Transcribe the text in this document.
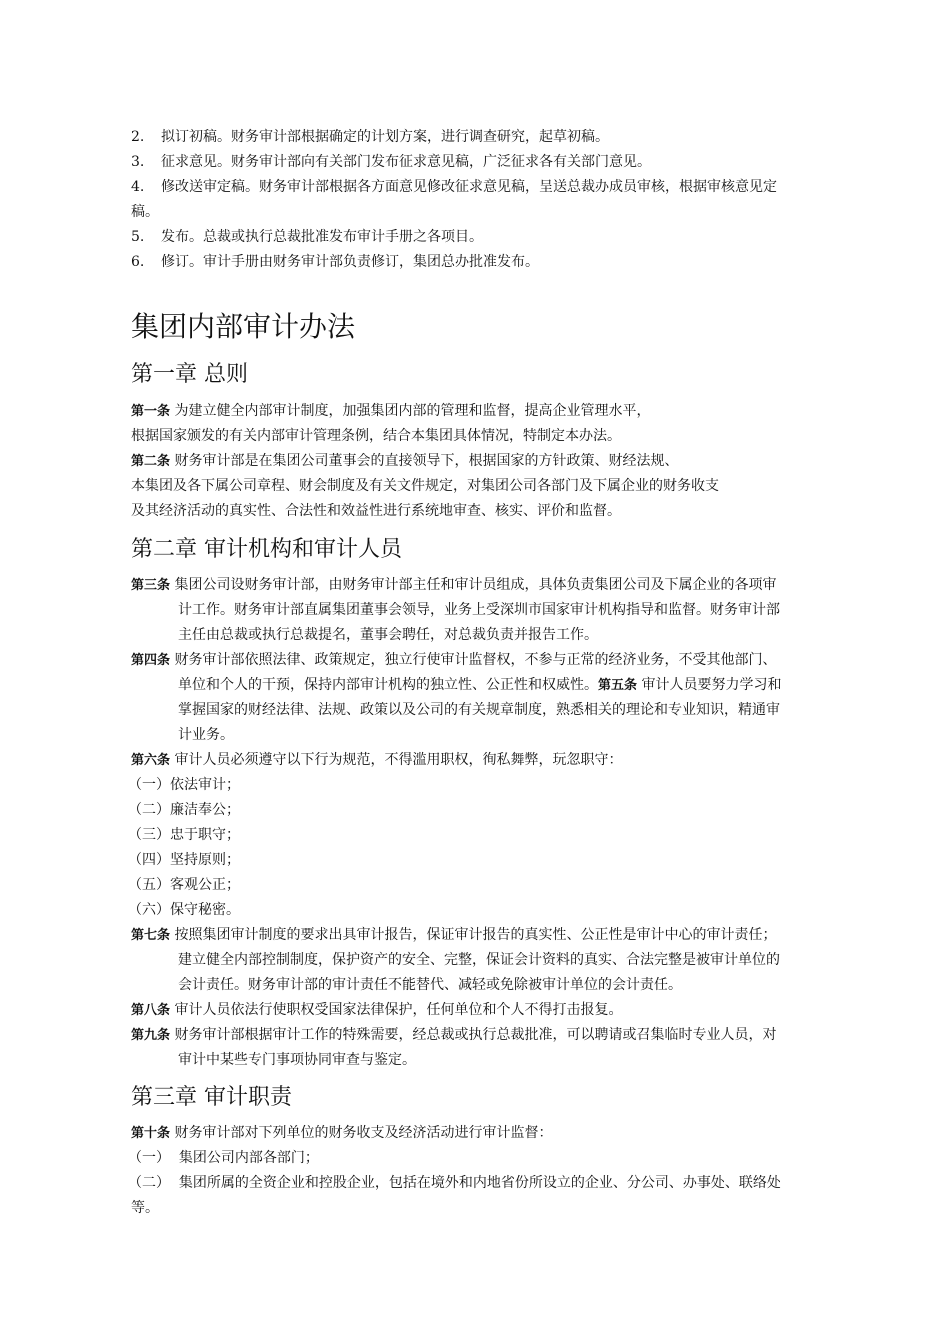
2. 拟订初稿。财务审计部根据确定的计划方案，进行调查研究，起草初稿。
3. 征求意见。财务审计部向有关部门发布征求意见稿，广泛征求各有关部门意见。
4. 修改送审定稿。财务审计部根据各方面意见修改征求意见稿，呈送总裁办成员审核，根据审核意见定
稿。
5. 发布。总裁或执行总裁批准发布审计手册之各项目。
6. 修订。审计手册由财务审计部负责修订，集团总办批准发布。
集团内部审计办法
第一章 总则
第一条 为建立健全内部审计制度，加强集团内部的管理和监督，提高企业管理水平，
根据国家颁发的有关内部审计管理条例，结合本集团具体情况，特制定本办法。
第二条 财务审计部是在集团公司董事会的直接领导下，根据国家的方针政策、财经法规、
本集团及各下属公司章程、财会制度及有关文件规定，对集团公司各部门及下属企业的财务收支
及其经济活动的真实性、合法性和效益性进行系统地审查、核实、评价和监督。
第二章 审计机构和审计人员
第三条 集团公司设财务审计部，由财务审计部主任和审计员组成，具体负责集团公司及下属企业的各项审
计工作。财务审计部直属集团董事会领导，业务上受深圳市国家审计机构指导和监督。财务审计部
主任由总裁或执行总裁提名，董事会聘任，对总裁负责并报告工作。
第四条 财务审计部依照法律、政策规定，独立行使审计监督权，不参与正常的经济业务，不受其他部门、
单位和个人的干预，保持内部审计机构的独立性、公正性和权威性。第五条 审计人员要努力学习和
掌握国家的财经法律、法规、政策以及公司的有关规章制度，熟悉相关的理论和专业知识，精通审
计业务。
第六条 审计人员必须遵守以下行为规范，不得滥用职权，徇私舞弊，玩忽职守：
（一）依法审计；
（二）廉洁奉公；
（三）忠于职守；
（四）坚持原则；
（五）客观公正；
（六）保守秘密。
第七条 按照集团审计制度的要求出具审计报告，保证审计报告的真实性、公正性是审计中心的审计责任；
建立健全内部控制制度，保护资产的安全、完整，保证会计资料的真实、合法完整是被审计单位的
会计责任。财务审计部的审计责任不能替代、减轻或免除被审计单位的会计责任。
第八条 审计人员依法行使职权受国家法律保护，任何单位和个人不得打击报复。
第九条 财务审计部根据审计工作的特殊需要，经总裁或执行总裁批准，可以聘请或召集临时专业人员，对
审计中某些专门事项协同审查与鉴定。
第三章 审计职责
第十条 财务审计部对下列单位的财务收支及经济活动进行审计监督：
（一） 集团公司内部各部门；
（二） 集团所属的全资企业和控股企业，包括在境外和内地省份所设立的企业、分公司、办事处、联络处
等。
